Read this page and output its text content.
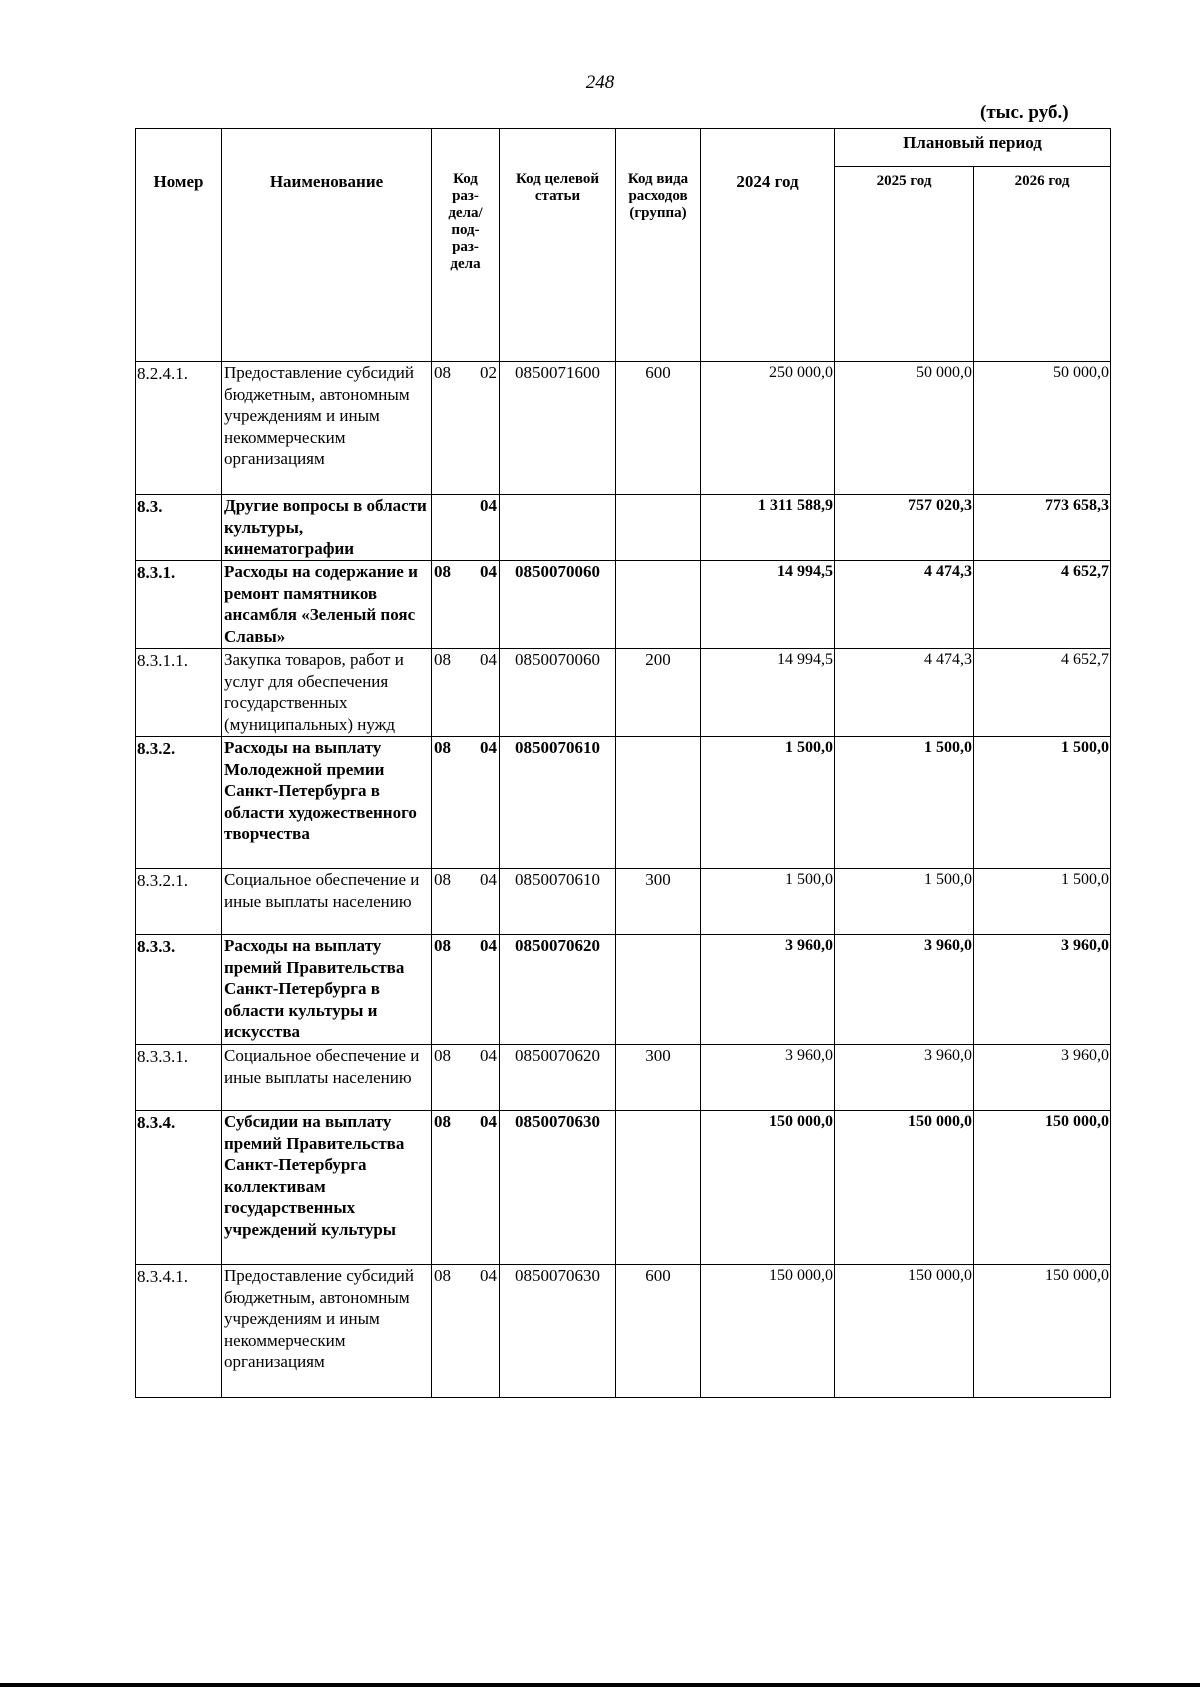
248
(тыс. руб.)
Номер	Наименование	Код раз-дела/ под-раз-дела	Код целевой статьи	Код вида расходов (группа)	2024 год	Плановый период	
						2025 год	2026 год
8.2.4.1.	Предоставление субсидий бюджетным, автономным учреждениям и иным некоммерческим организациям	08 02	0850071600	600	250 000,0	50 000,0	50 000,0
8.3.	Другие вопросы в области культуры, кинематографии	04			1 311 588,9	757 020,3	773 658,3
8.3.1.	Расходы на содержание и ремонт памятников ансамбля «Зеленый пояс Славы»	08 04	0850070060		14 994,5	4 474,3	4 652,7
8.3.1.1.	Закупка товаров, работ и услуг для обеспечения государственных (муниципальных) нужд	08 04	0850070060	200	14 994,5	4 474,3	4 652,7
8.3.2.	Расходы на выплату Молодежной премии Санкт-Петербурга в области художественного творчества	08 04	0850070610		1 500,0	1 500,0	1 500,0
8.3.2.1.	Социальное обеспечение и иные выплаты населению	08 04	0850070610	300	1 500,0	1 500,0	1 500,0
8.3.3.	Расходы на выплату премий Правительства Санкт-Петербурга в области культуры и искусства	08 04	0850070620		3 960,0	3 960,0	3 960,0
8.3.3.1.	Социальное обеспечение и иные выплаты населению	08 04	0850070620	300	3 960,0	3 960,0	3 960,0
8.3.4.	Субсидии на выплату премий Правительства Санкт-Петербурга коллективам государственных учреждений культуры	08 04	0850070630		150 000,0	150 000,0	150 000,0
8.3.4.1.	Предоставление субсидий бюджетным, автономным учреждениям и иным некоммерческим организациям	08 04	0850070630	600	150 000,0	150 000,0	150 000,0
